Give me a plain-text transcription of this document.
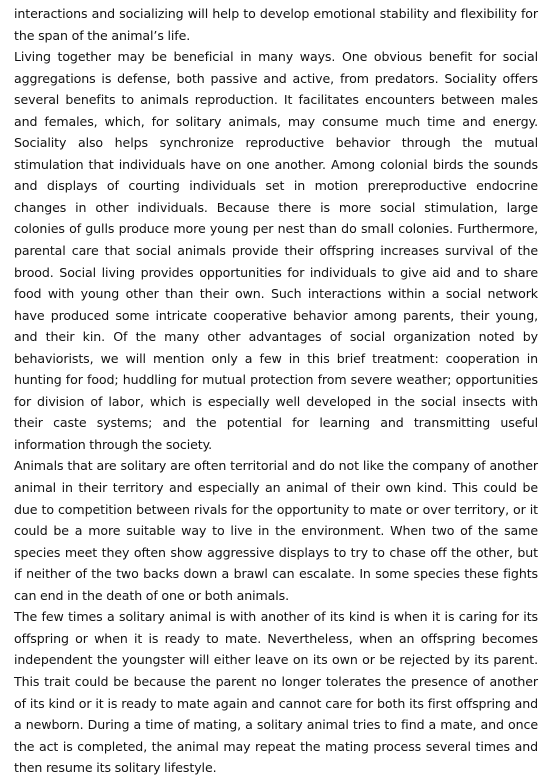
interactions and socializing will help to develop emotional stability and flexibility for the span of the animal’s life.

Living together may be beneficial in many ways. One obvious benefit for social aggregations is defense, both passive and active, from predators. Sociality offers several benefits to animals reproduction. It facilitates encounters between males and females, which, for solitary animals, may consume much time and energy. Sociality also helps synchronize reproductive behavior through the mutual stimulation that individuals have on one another. Among colonial birds the sounds and displays of courting individuals set in motion prereproductive endocrine changes in other individuals. Because there is more social stimulation, large colonies of gulls produce more young per nest than do small colonies. Furthermore, parental care that social animals provide their offspring increases survival of the brood. Social living provides opportunities for individuals to give aid and to share food with young other than their own. Such interactions within a social network have produced some intricate cooperative behavior among parents, their young, and their kin. Of the many other advantages of social organization noted by behaviorists, we will mention only a few in this brief treatment: cooperation in hunting for food; huddling for mutual protection from severe weather; opportunities for division of labor, which is especially well developed in the social insects with their caste systems; and the potential for learning and transmitting useful information through the society.

Animals that are solitary are often territorial and do not like the company of another animal in their territory and especially an animal of their own kind. This could be due to competition between rivals for the opportunity to mate or over territory, or it could be a more suitable way to live in the environment. When two of the same species meet they often show aggressive displays to try to chase off the other, but if neither of the two backs down a brawl can escalate. In some species these fights can end in the death of one or both animals.

The few times a solitary animal is with another of its kind is when it is caring for its offspring or when it is ready to mate. Nevertheless, when an offspring becomes independent the youngster will either leave on its own or be rejected by its parent. This trait could be because the parent no longer tolerates the presence of another of its kind or it is ready to mate again and cannot care for both its first offspring and a newborn. During a time of mating, a solitary animal tries to find a mate, and once the act is completed, the animal may repeat the mating process several times and then resume its solitary lifestyle.
